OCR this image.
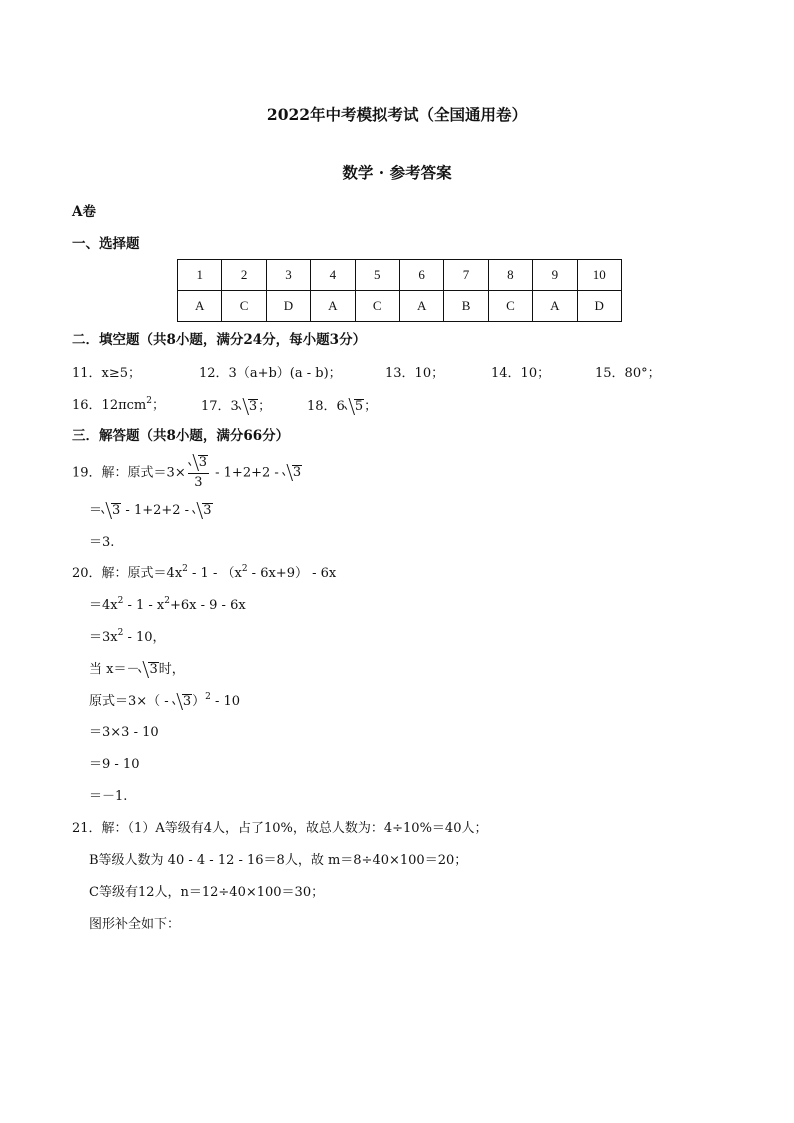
2022年中考模拟考试（全国通用卷）
数学 · 参考答案
A卷
一、选择题
1	2	3	4	5	6	7	8	9	10
A	C	D	A	C	A	B	C	A	D
二．填空题（共8小题，满分24分，每小题3分）
11．x≥5；	12．3（a+b）(a - b)；	13．10；	14．10；	15．80°；
16．12πcm$^2$；	17．3 3；	18．6 5；
三．解答题（共8小题，满分66分）
19．解：原式$=3\times \frac{3}{3} - 1+2+2 - 3$
＝ 3 - 1+2+2 - 3
＝3.
20．解：原式$=4x^2 - 1 - (x^2 - 6x+9) - 6x$
$=4x^2 - 1 - x^2+6x - 9 - 6x$
$=3x^2 - 10$，
当 x＝－ 3时，
原式＝3×（ - 3）$^2$ - 10
＝3×3 - 10
＝9 - 10
＝－1.
21．解：（1）A等级有4人，占了10%，故总人数为：4÷10%＝40人；
B等级人数为 40 - 4 - 12 - 16＝8人，故 m＝8÷40×100＝20；
C等级有12人，n＝12÷40×100＝30；
图形补全如下：
